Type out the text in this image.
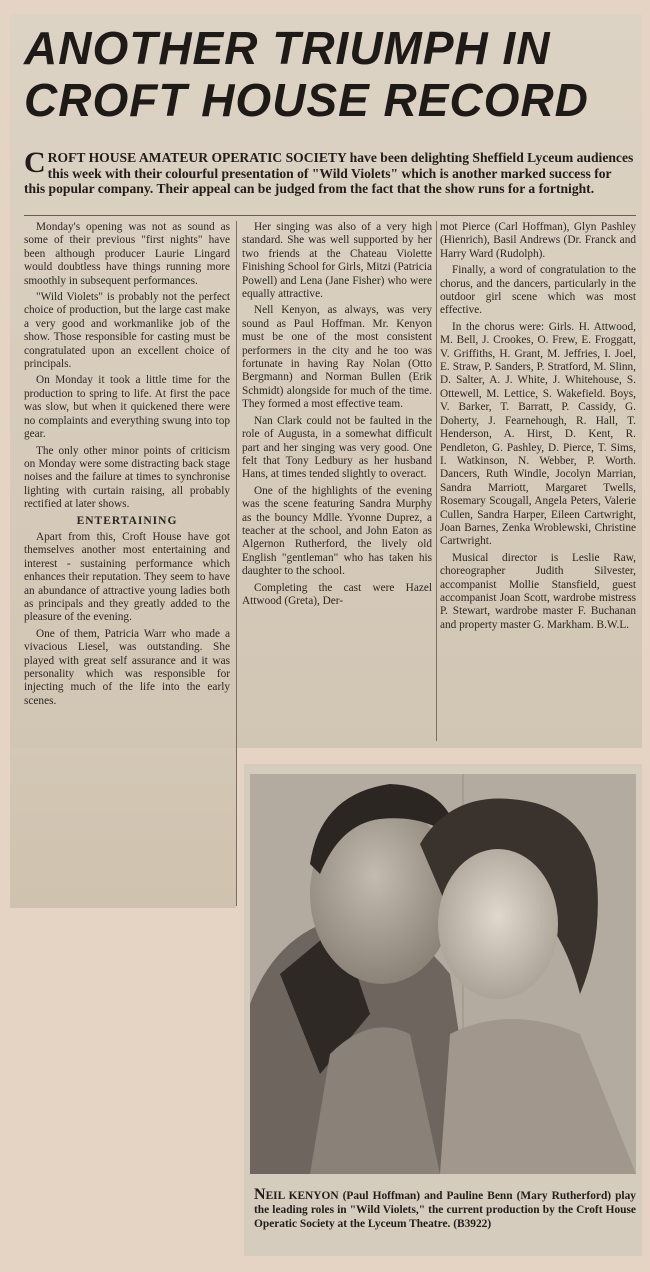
ANOTHER TRIUMPH IN
CROFT HOUSE RECORD

CROFT HOUSE AMATEUR OPERATIC SOCIETY have been delighting Sheffield Lyceum audiences this week with their colourful presentation of "Wild Violets" which is another marked success for this popular company. Their appeal can be judged from the fact that the show runs for a fortnight.

Monday's opening was not as sound as some of their previous "first nights" have been although producer Laurie Lingard would doubtless have things running more smoothly in subsequent performances.

"Wild Violets" is probably not the perfect choice of production, but the large cast make a very good and workmanlike job of the show. Those responsible for casting must be congratulated upon an excellent choice of principals.

On Monday it took a little time for the production to spring to life. At first the pace was slow, but when it quickened there were no complaints and everything swung into top gear.

The only other minor points of criticism on Monday were some distracting back stage noises and the failure at times to synchronise lighting with curtain raising, all probably rectified at later shows.

ENTERTAINING

Apart from this, Croft House have got themselves another most entertaining and interest - sustaining performance which enhances their reputation. They seem to have an abundance of attractive young ladies both as principals and they greatly added to the pleasure of the evening.

One of them, Patricia Warr who made a vivacious Liesel, was outstanding. She played with great self assurance and it was personality which was responsible for injecting much of the life into the early scenes.

Her singing was also of a very high standard. She was well supported by her two friends at the Chateau Violette Finishing School for Girls, Mitzi (Patricia Powell) and Lena (Jane Fisher) who were equally attractive.

Nell Kenyon, as always, was very sound as Paul Hoffman. Mr. Kenyon must be one of the most consistent performers in the city and he too was fortunate in having Ray Nolan (Otto Bergmann) and Norman Bullen (Erik Schmidt) alongside for much of the time. They formed a most effective team.

Nan Clark could not be faulted in the role of Augusta, in a somewhat difficult part and her singing was very good. One felt that Tony Ledbury as her husband Hans, at times tended slightly to overact.

One of the highlights of the evening was the scene featuring Sandra Murphy as the bouncy Mdlle. Yvonne Duprez, a teacher at the school, and John Eaton as Algernon Rutherford, the lively old English "gentleman" who has taken his daughter to the school.

Completing the cast were Hazel Attwood (Greta), Der-

mot Pierce (Carl Hoffman), Glyn Pashley (Hienrich), Basil Andrews (Dr. Franck and Harry Ward (Rudolph).

Finally, a word of congratulation to the chorus, and the dancers, particularly in the outdoor girl scene which was most effective.

In the chorus were: Girls. H. Attwood, M. Bell, J. Crookes, O. Frew, E. Froggatt, V. Griffiths, H. Grant, M. Jeffries, I. Joel, E. Straw, P. Sanders, P. Stratford, M. Slinn, D. Salter, A. J. White, J. Whitehouse, S. Ottewell, M. Lettice, S. Wakefield. Boys, V. Barker, T. Barratt, P. Cassidy, G. Doherty, J. Fearnehough, R. Hall, T. Henderson, A. Hirst, D. Kent, R. Pendleton, G. Pashley, D. Pierce, T. Sims, I. Watkinson, N. Webber, P. Worth. Dancers, Ruth Windle, Jocolyn Marrian, Sandra Marriott, Margaret Twells, Rosemary Scougall, Angela Peters, Valerie Cullen, Sandra Harper, Eileen Cartwright, Joan Barnes, Zenka Wroblewski, Christine Cartwright.

Musical director is Leslie Raw, choreographer Judith Silvester, accompanist Mollie Stansfield, guest accompanist Joan Scott, wardrobe mistress P. Stewart, wardrobe master F. Buchanan and property master G. Markham. B.W.L.

NEIL KENYON (Paul Hoffman) and Pauline Benn (Mary Rutherford) play the leading roles in "Wild Violets," the current production by the Croft House Operatic Society at the Lyceum Theatre. (B3922)
